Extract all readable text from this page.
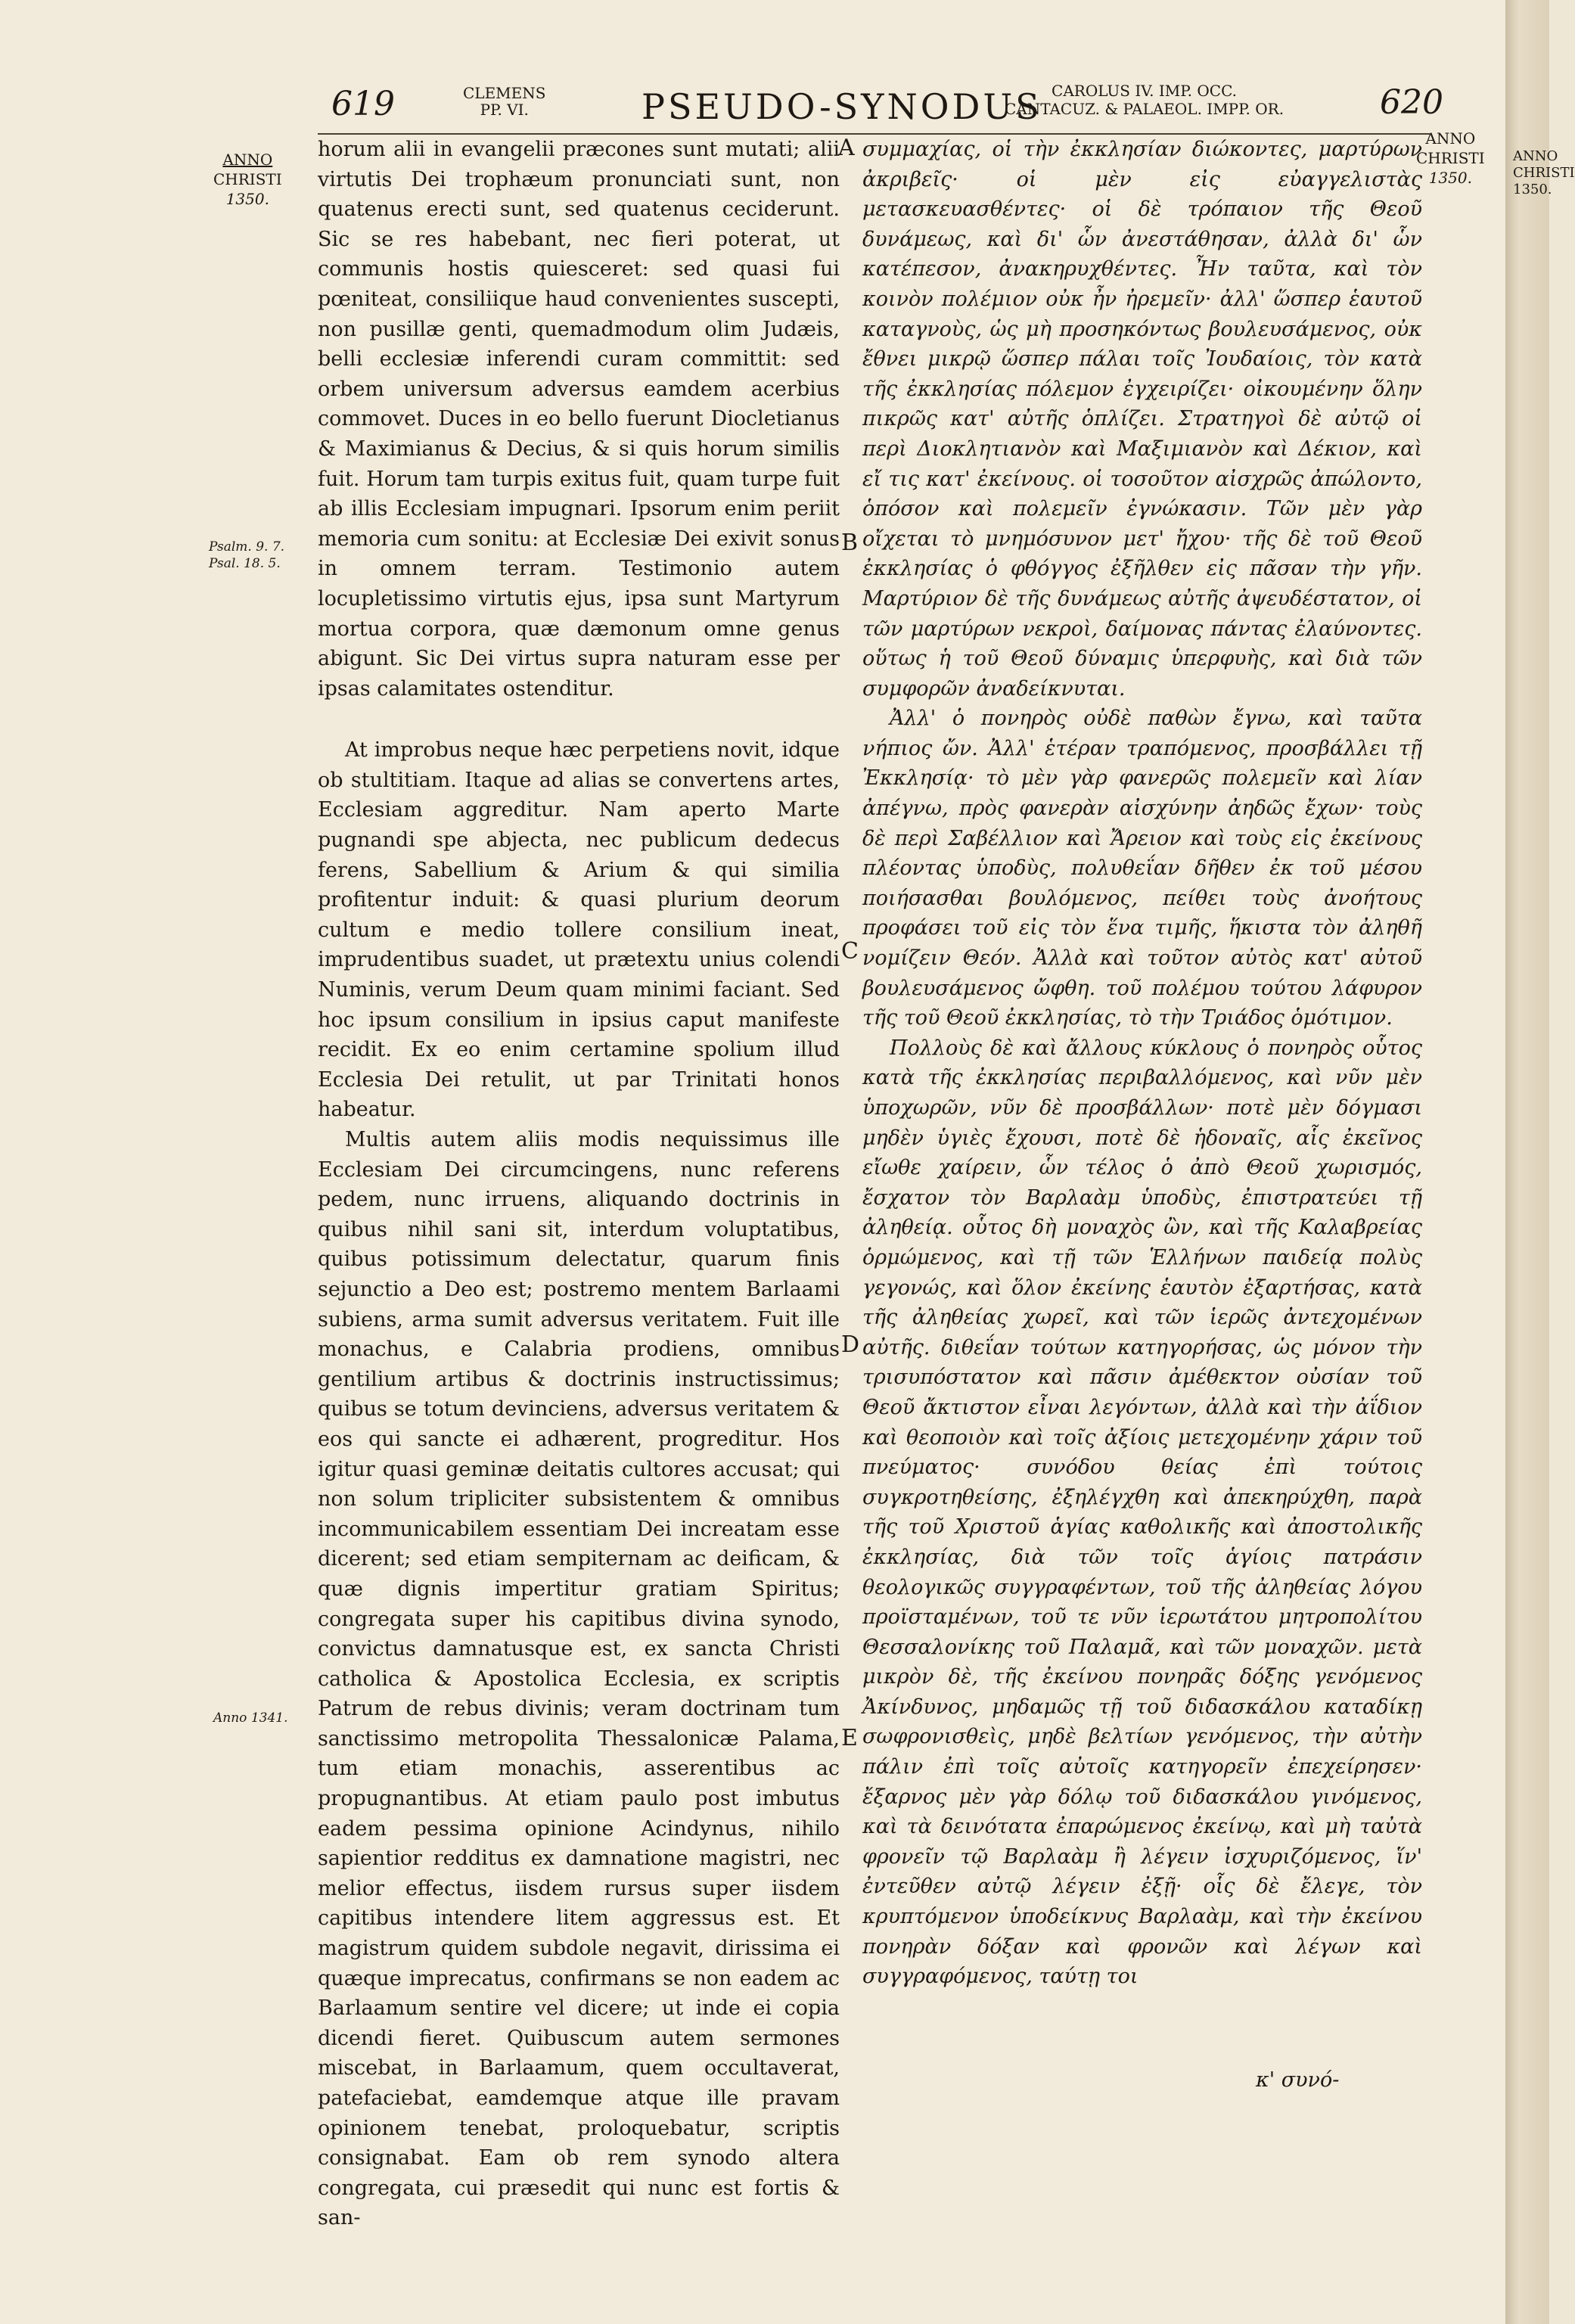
619	CLEMENS
PP. VI.	PSEUDO-SYNODUS CAROLUS IV. IMP. OCC.
CANTACUZ. & PALAEOL. IMPP. OR.	620
ANNO
CHRISTI
1350.
Psalm. 9. 7.
Psal. 18. 5.
Anno 1341.

horum alii in evangelii præcones sunt mutati; alii virtutis Dei trophæum pronunciati sunt, non quatenus erecti sunt, sed quatenus ceciderunt. Sic se res habebant, nec fieri poterat, ut communis hostis quiesceret: sed quasi fui pœniteat, consiliique haud convenientes suscepti, non pusillæ genti, quemadmodum olim Judæis, belli ecclesiæ inferendi curam committit: sed orbem universum adversus eamdem acerbius commovet. Duces in eo bello fuerunt Diocletianus & Maximianus & Decius, & si quis horum similis fuit. Horum tam turpis exitus fuit, quam turpe fuit ab illis Ecclesiam impugnari. Ipsorum enim periit memoria cum sonitu: at Ecclesiæ Dei exivit sonus in omnem terram. Testimonio autem locupletissimo virtutis ejus, ipsa sunt Martyrum mortua corpora, quæ dæmonum omne genus abigunt. Sic Dei virtus supra naturam esse per ipsas calamitates ostenditur.

At improbus neque hæc perpetiens novit, idque ob stultitiam. Itaque ad alias se convertens artes, Ecclesiam aggreditur. Nam aperto Marte pugnandi spe abjecta, nec publicum dedecus ferens, Sabellium & Arium & qui similia profitentur induit: & quasi plurium deorum cultum e medio tollere consilium ineat, imprudentibus suadet, ut prætextu unius colendi Numinis, verum Deum quam minimi faciant. Sed hoc ipsum consilium in ipsius caput manifeste recidit. Ex eo enim certamine spolium illud Ecclesia Dei retulit, ut par Trinitati honos habeatur.

Multis autem aliis modis nequissimus ille Ecclesiam Dei circumcingens, nunc referens pedem, nunc irruens, aliquando doctrinis in quibus nihil sani sit, interdum voluptatibus, quibus potissimum delectatur, quarum finis sejunctio a Deo est; postremo mentem Barlaami subiens, arma sumit adversus veritatem. Fuit ille monachus, e Calabria prodiens, omnibus gentilium artibus & doctrinis instructissimus; quibus se totum devinciens, adversus veritatem & eos qui sancte ei adhærent, progreditur. Hos igitur quasi geminæ deitatis cultores accusat; qui non solum tripliciter subsistentem & omnibus incommunicabilem essentiam Dei increatam esse dicerent; sed etiam sempiternam ac deificam, & quæ dignis impertitur gratiam Spiritus; congregata super his capitibus divina synodo, convictus damnatusque est, ex sancta Christi catholica & Apostolica Ecclesia, ex scriptis Patrum de rebus divinis; veram doctrinam tum sanctissimo metropolita Thessalonicæ Palama, tum etiam monachis, asserentibus ac propugnantibus. At etiam paulo post imbutus eadem pessima opinione Acindynus, nihilo sapientior redditus ex damnatione magistri, nec melior effectus, iisdem rursus super iisdem capitibus intendere litem aggressus est. Et magistrum quidem subdole negavit, dirissima ei quæque imprecatus, confirmans se non eadem ac Barlaamum sentire vel dicere; ut inde ei copia dicendi fieret. Quibuscum autem sermones miscebat, in Barlaamum, quem occultaverat, patefaciebat, eamdemque atque ille pravam opinionem tenebat, proloquebatur, scriptis consignabat. Eam ob rem synodo altera congregata, cui præsedit qui nunc est fortis & san-

A
B
C
D
E

συμμαχίας, οἱ τὴν ἐκκλησίαν διώκοντες, μαρτύρων ἀκριβεῖς· οἱ μὲν εἰς εὐαγγελιστὰς μετασκευασθέντες· οἱ δὲ τρόπαιον τῆς Θεοῦ δυνάμεως, καὶ δι' ὧν ἀνεστάθησαν, ἀλλὰ δι' ὧν κατέπεσον, ἀνακηρυχθέντες. Ἦν ταῦτα, καὶ τὸν κοινὸν πολέμιον οὐκ ἦν ἠρεμεῖν· ἀλλ' ὥσπερ ἑαυτοῦ καταγνοὺς, ὡς μὴ προσηκόντως βουλευσάμενος, οὐκ ἔθνει μικρῷ ὥσπερ πάλαι τοῖς Ἰουδαίοις, τὸν κατὰ τῆς ἐκκλησίας πόλεμον ἐγχειρίζει· οἰκουμένην ὅλην πικρῶς κατ' αὐτῆς ὁπλίζει. Στρατηγοὶ δὲ αὐτῷ οἱ περὶ Διοκλητιανὸν καὶ Μαξιμιανὸν καὶ Δέκιον, καὶ εἴ τις κατ' ἐκείνους. οἱ τοσοῦτον αἰσχρῶς ἀπώλοντο, ὁπόσον καὶ πολεμεῖν ἐγνώκασιν. Τῶν μὲν γὰρ οἴχεται τὸ μνημόσυνον μετ' ἤχου· τῆς δὲ τοῦ Θεοῦ ἐκκλησίας ὁ φθόγγος ἐξῆλθεν εἰς πᾶσαν τὴν γῆν. Μαρτύριον δὲ τῆς δυνάμεως αὐτῆς ἀψευδέστατον, οἱ τῶν μαρτύρων νεκροὶ, δαίμονας πάντας ἐλαύνοντες. οὕτως ἡ τοῦ Θεοῦ δύναμις ὑπερφυὴς, καὶ διὰ τῶν συμφορῶν ἀναδείκνυται.

Ἀλλ' ὁ πονηρὸς οὐδὲ παθὼν ἔγνω, καὶ ταῦτα νήπιος ὤν. Ἀλλ' ἑτέραν τραπόμενος, προσβάλλει τῇ Ἐκκλησίᾳ· τὸ μὲν γὰρ φανερῶς πολεμεῖν καὶ λίαν ἀπέγνω, πρὸς φανερὰν αἰσχύνην ἀηδῶς ἔχων· τοὺς δὲ περὶ Σαβέλλιον καὶ Ἄρειον καὶ τοὺς εἰς ἐκείνους πλέοντας ὑποδὺς, πολυθεΐαν δῆθεν ἐκ τοῦ μέσου ποιήσασθαι βουλόμενος, πείθει τοὺς ἀνοήτους προφάσει τοῦ εἰς τὸν ἕνα τιμῆς, ἥκιστα τὸν ἀληθῆ νομίζειν Θεόν. Ἀλλὰ καὶ τοῦτον αὐτὸς κατ' αὐτοῦ βουλευσάμενος ὤφθη. τοῦ πολέμου τούτου λάφυρον τῆς τοῦ Θεοῦ ἐκκλησίας, τὸ τὴν Τριάδος ὁμότιμον.

Πολλοὺς δὲ καὶ ἄλλους κύκλους ὁ πονηρὸς οὗτος κατὰ τῆς ἐκκλησίας περιβαλλόμενος, καὶ νῦν μὲν ὑποχωρῶν, νῦν δὲ προσβάλλων· ποτὲ μὲν δόγμασι μηδὲν ὑγιὲς ἔχουσι, ποτὲ δὲ ἡδοναῖς, αἷς ἐκεῖνος εἴωθε χαίρειν, ὧν τέλος ὁ ἀπὸ Θεοῦ χωρισμός, ἔσχατον τὸν Βαρλαὰμ ὑποδὺς, ἐπιστρατεύει τῇ ἀληθείᾳ. οὗτος δὴ μοναχὸς ὢν, καὶ τῆς Καλαβρείας ὁρμώμενος, καὶ τῇ τῶν Ἑλλήνων παιδείᾳ πολὺς γεγονώς, καὶ ὅλον ἐκείνης ἑαυτὸν ἐξαρτήσας, κατὰ τῆς ἀληθείας χωρεῖ, καὶ τῶν ἱερῶς ἀντεχομένων αὐτῆς. διθεΐαν τούτων κατηγορήσας, ὡς μόνον τὴν τρισυπόστατον καὶ πᾶσιν ἀμέθεκτον οὐσίαν τοῦ Θεοῦ ἄκτιστον εἶναι λεγόντων, ἀλλὰ καὶ τὴν ἀΐδιον καὶ θεοποιὸν καὶ τοῖς ἀξίοις μετεχομένην χάριν τοῦ πνεύματος· συνόδου θείας ἐπὶ τούτοις συγκροτηθείσης, ἐξηλέγχθη καὶ ἀπεκηρύχθη, παρὰ τῆς τοῦ Χριστοῦ ἁγίας καθολικῆς καὶ ἀποστολικῆς ἐκκλησίας, διὰ τῶν τοῖς ἁγίοις πατράσιν θεολογικῶς συγγραφέντων, τοῦ τῆς ἀληθείας λόγου προϊσταμένων, τοῦ τε νῦν ἱερωτάτου μητροπολίτου Θεσσαλονίκης τοῦ Παλαμᾶ, καὶ τῶν μοναχῶν. μετὰ μικρὸν δὲ, τῆς ἐκείνου πονηρᾶς δόξης γενόμενος Ἀκίνδυνος, μηδαμῶς τῇ τοῦ διδασκάλου καταδίκῃ σωφρονισθεὶς, μηδὲ βελτίων γενόμενος, τὴν αὐτὴν πάλιν ἐπὶ τοῖς αὐτοῖς κατηγορεῖν ἐπεχείρησεν· ἔξαρνος μὲν γὰρ δόλῳ τοῦ διδασκάλου γινόμενος, καὶ τὰ δεινότατα ἐπαρώμενος ἐκείνῳ, καὶ μὴ ταὐτὰ φρονεῖν τῷ Βαρλαὰμ ἢ λέγειν ἰσχυριζόμενος, ἵν' ἐντεῦθεν αὐτῷ λέγειν ἐξῇ· οἷς δὲ ἔλεγε, τὸν κρυπτόμενον ὑποδείκνυς Βαρλαὰμ, καὶ τὴν ἐκείνου πονηρὰν δόξαν καὶ φρονῶν καὶ λέγων καὶ συγγραφόμενος, ταύτῃ τοι

ANNO
CHRISTI
1350.
κ' συνό-
ANNO
CHRISTI
1350.
